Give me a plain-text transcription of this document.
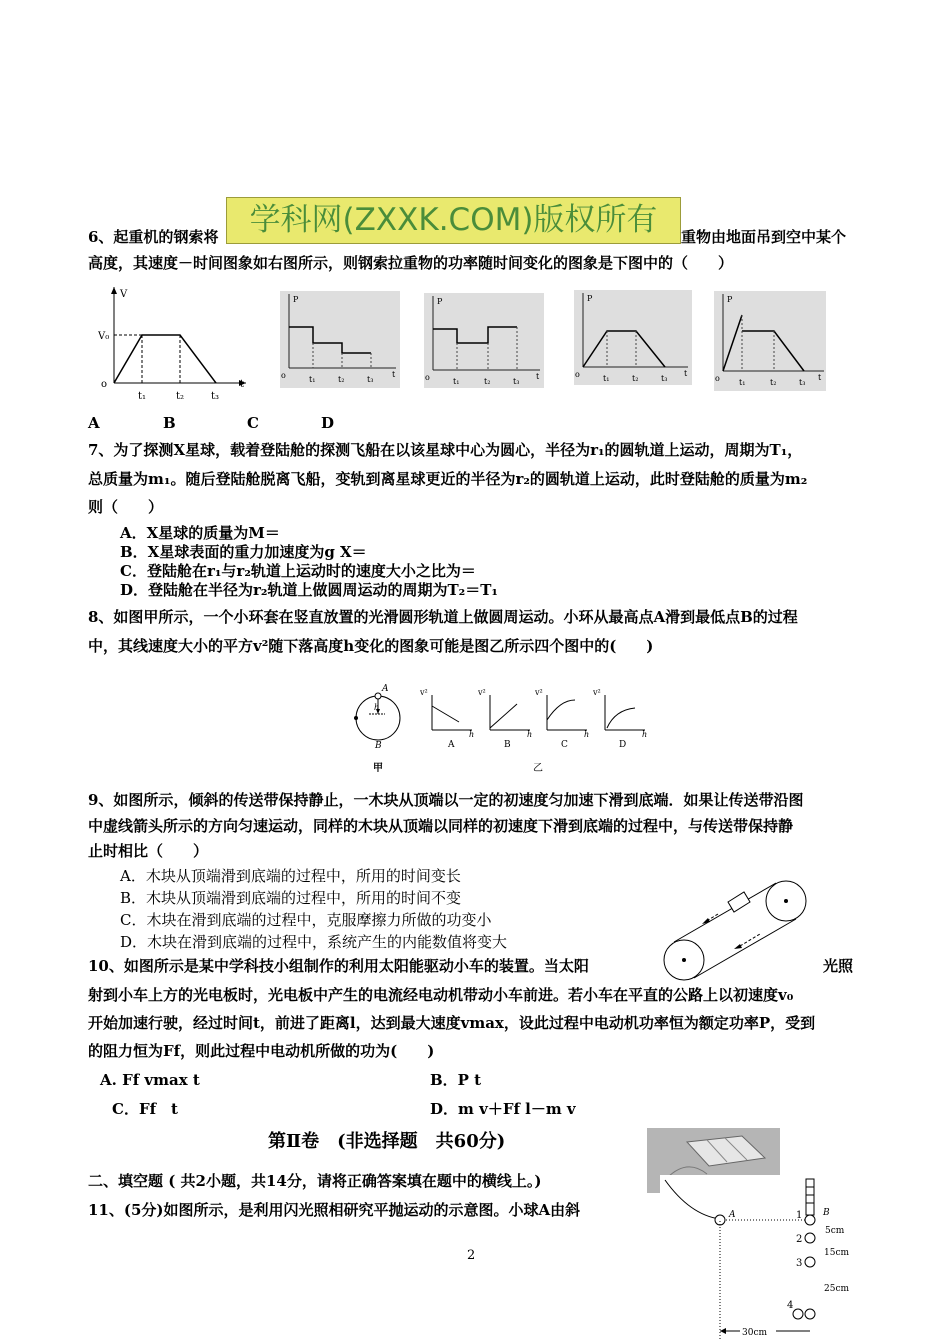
学科网(ZXXK.COM)版权所有
6、起重机的钢索将	重物由地面吊到空中某个
高度，其速度－时间图象如右图所示，则钢索拉重物的功率随时间变化的图象是下图中的（　　）
V
V₀
o	t
t₁	t₂	t₃
P
o	t
t₁	t₂	t₃
P
o	t
t₁	t₂	t₃
P
o	t
t₁	t₂	t₃
P
o	t
t₁	t₂	t₃
A	B	C	D
7、为了探测X星球，载着登陆舱的探测飞船在以该星球中心为圆心，半径为r₁的圆轨道上运动，周期为T₁，
总质量为m₁。随后登陆舱脱离飞船，变轨到离星球更近的半径为r₂的圆轨道上运动，此时登陆舱的质量为m₂
则（　　）
A．X星球的质量为M＝
B．X星球表面的重力加速度为g X＝
C．登陆舱在r₁与r₂轨道上运动时的速度大小之比为＝
D．登陆舱在半径为r₂轨道上做圆周运动的周期为T₂＝T₁
8、如图甲所示，一个小环套在竖直放置的光滑圆形轨道上做圆周运动。小环从最高点A滑到最低点B的过程
中，其线速度大小的平方v²随下落高度h变化的图象可能是图乙所示四个图中的(　　)
A
B
h
甲
v²
h
A
v²
h
B
v²
h
C
v²
h
D
乙
9、如图所示，倾斜的传送带保持静止，一木块从顶端以一定的初速度匀加速下滑到底端．如果让传送带沿图
中虚线箭头所示的方向匀速运动，同样的木块从顶端以同样的初速度下滑到底端的过程中，与传送带保持静
止时相比（　　）
A．木块从顶端滑到底端的过程中，所用的时间变长
B．木块从顶端滑到底端的过程中，所用的时间不变
C．木块在滑到底端的过程中，克服摩擦力所做的功变小
D．木块在滑到底端的过程中，系统产生的内能数值将变大
10、如图所示是某中学科技小组制作的利用太阳能驱动小车的装置。当太阳	光照
射到小车上方的光电板时，光电板中产生的电流经电动机带动小车前进。若小车在平直的公路上以初速度v₀
开始加速行驶，经过时间t，前进了距离l，达到最大速度vmax，设此过程中电动机功率恒为额定功率P，受到
的阻力恒为Ff，则此过程中电动机所做的功为(　　)
A. Ff vmax t	B．P t
C．Ff　t	D．m v＋Ff l－m v
第Ⅱ卷　(非选择题　共60分)
二、填空题 ( 共2小题，共14分，请将正确答案填在题中的横线上。)
11、(5分)如图所示，是利用闪光照相研究平抛运动的示意图。小球A由斜	A	B
1
5cm
2
15cm
3
25cm
4
30cm
2
